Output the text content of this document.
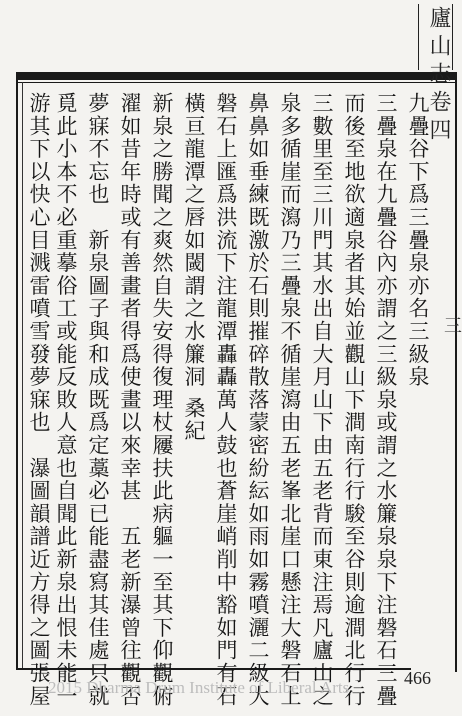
廬山志卷四
三
九疊谷下爲三疊泉亦名三級泉
三疊泉在九疊谷內亦謂之三級泉或謂之水簾泉泉下注磐石三疊
而後至地欲適泉者其始並觀山下澗南行行駿至谷則逾澗北行行
三數里至三川門其水出自大月山下由五老背而東注焉凡廬山之
泉多循崖而瀉乃三疊泉不循崖瀉由五老峯北崖口懸注大磐石上
鼻鼻如垂練既激於石則摧碎散落蒙密紛紜如雨如霧噴灑二級大
磐石上匯爲洪流下注龍潭轟轟萬人鼓也蒼崖峭削中豁如門有石
橫亘龍潭之唇如閾謂之水簾洞 桑紀
新泉之勝聞之爽然自失安得復理杖屨扶此病軀一至其下仰觀俯
濯如昔年時或有善畫者得爲使畫以來幸甚　五老新瀑曾往觀否
夢寐不忘也　新泉圖子與和成既爲定藁必已能盡寫其佳處只就
覓此小本不必重摹俗工或能反敗人意也自聞此新泉出恨未能一
游其下以快心目溅雷噴雪發夢寐也　瀑圖韻譜近方得之圖張屋	466
2015 Dharma Drum Institute of Liberal Arts
